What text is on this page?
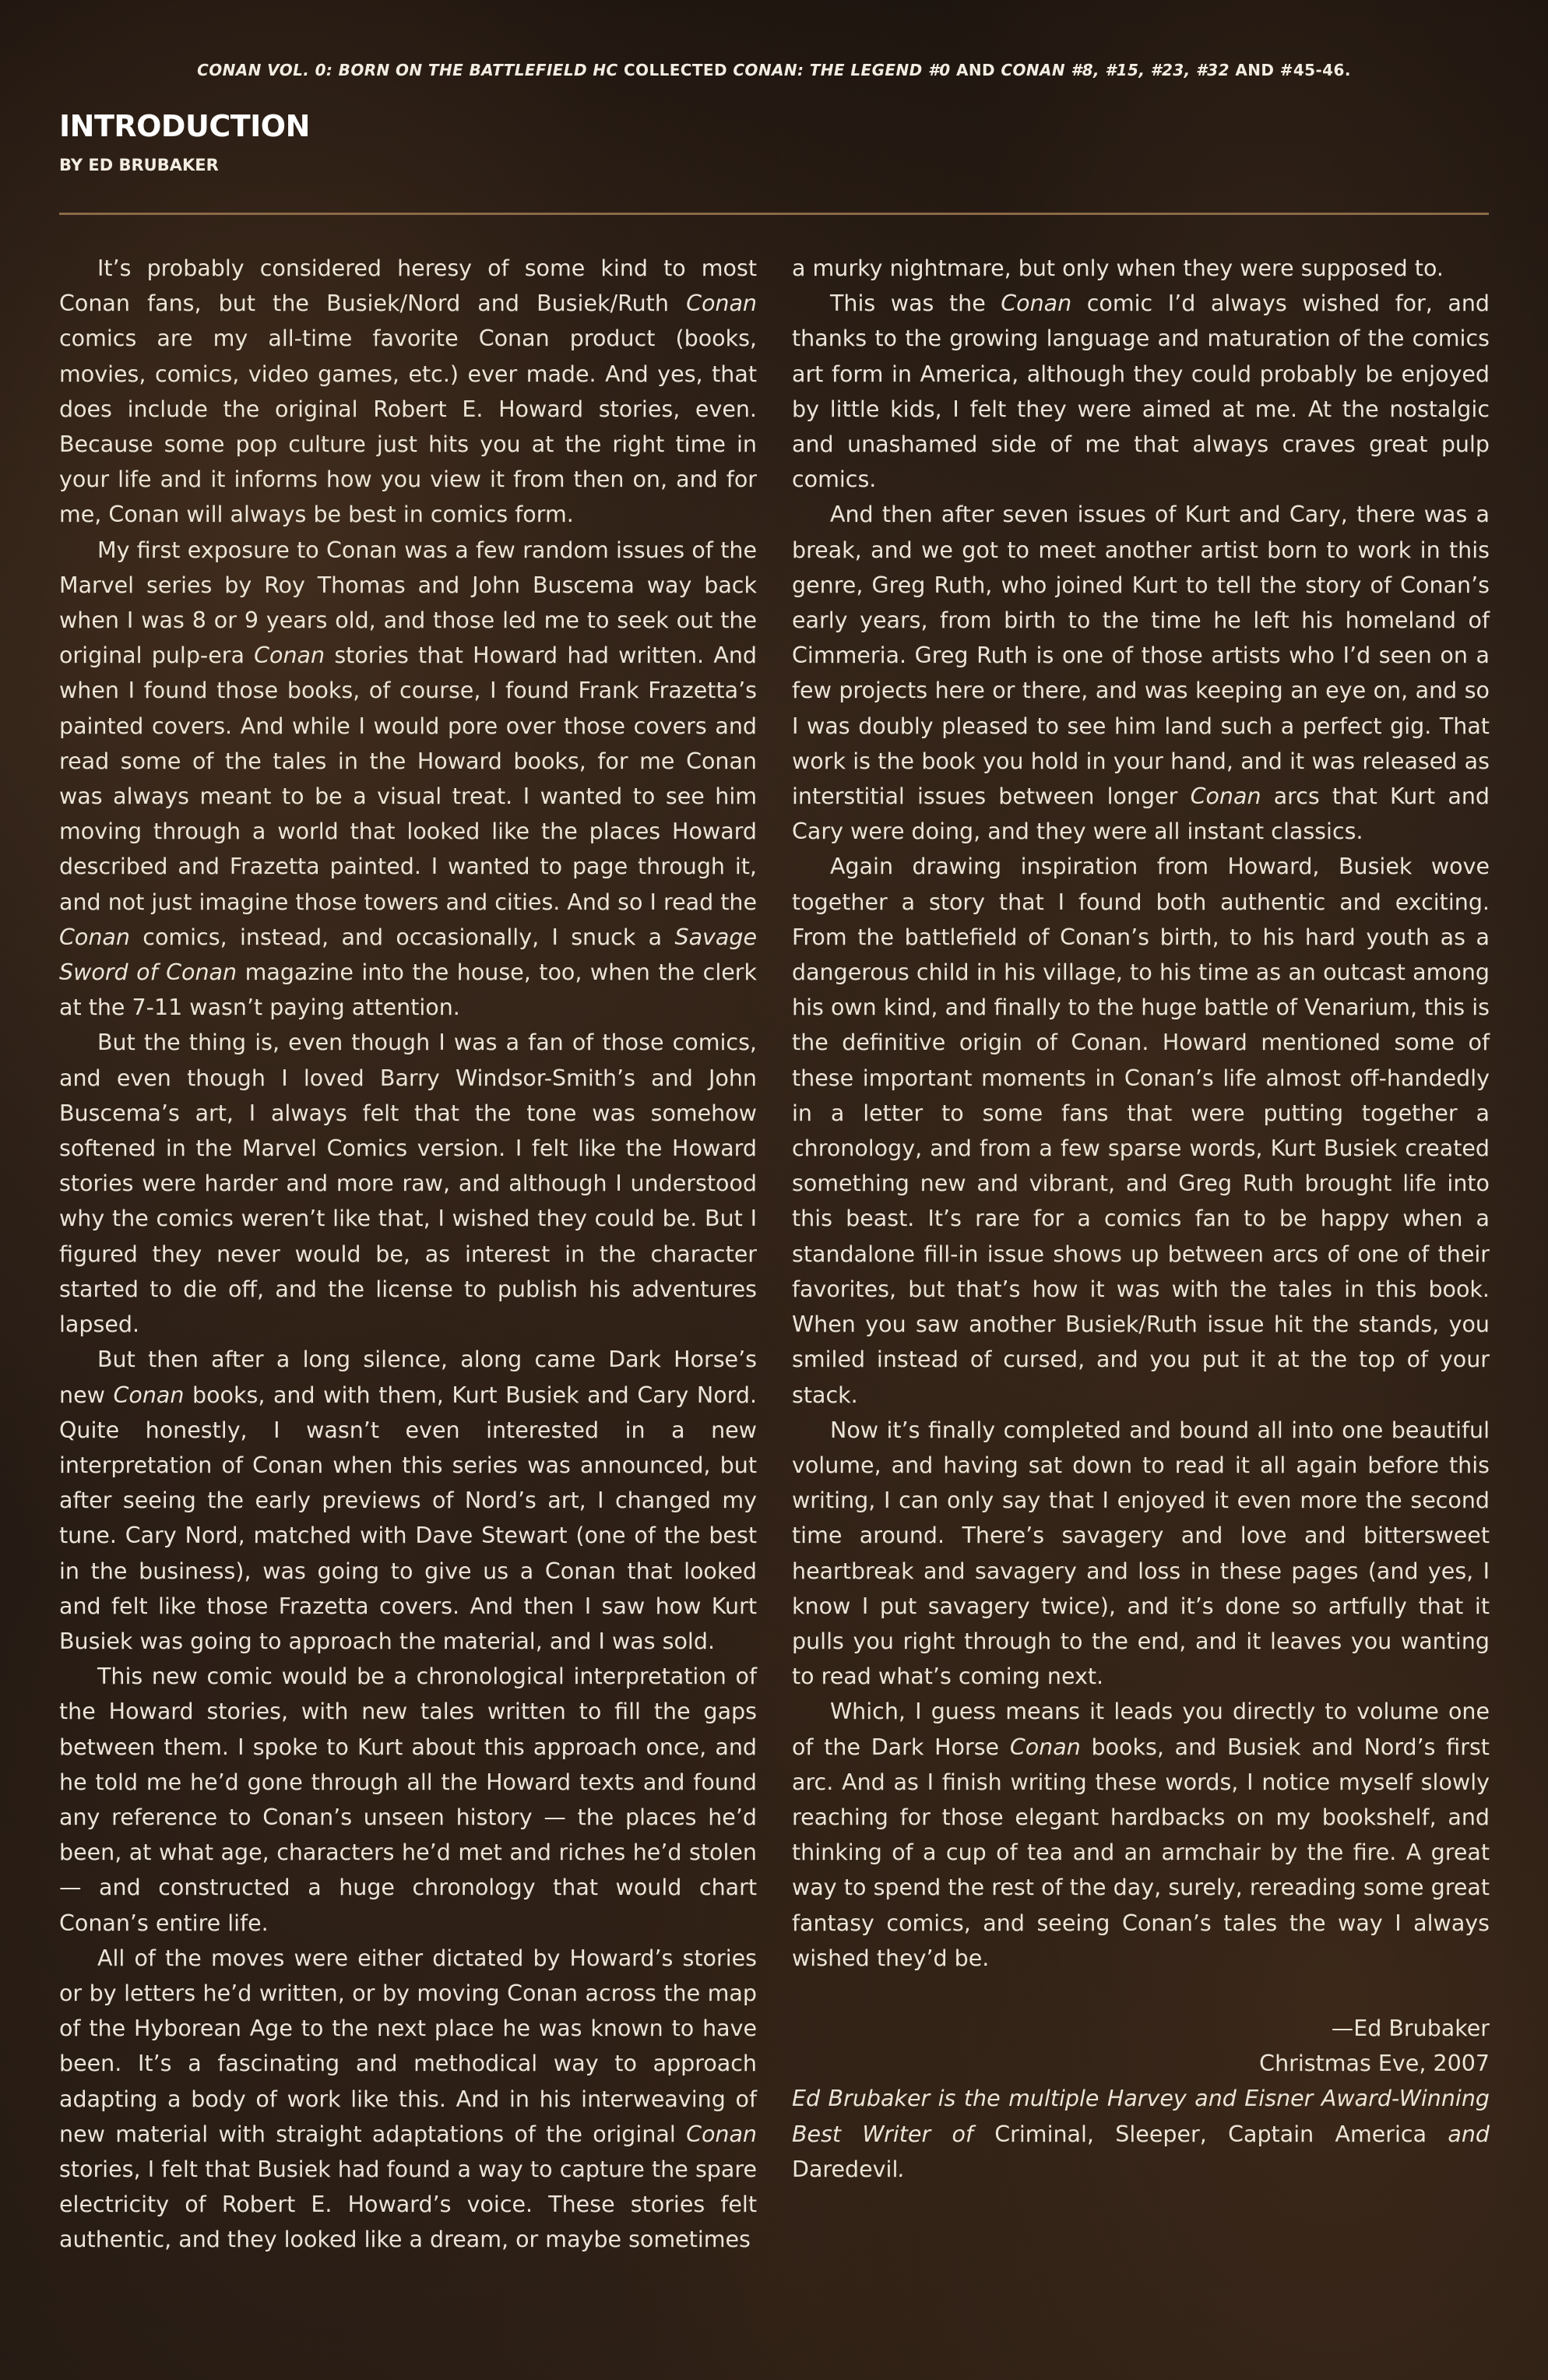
CONAN VOL. 0: BORN ON THE BATTLEFIELD HC COLLECTED CONAN: THE LEGEND #0 AND CONAN #8, #15, #23, #32 AND #45-46.
INTRODUCTION
BY ED BRUBAKER

It’s probably considered heresy of some kind to most Conan fans, but the Busiek/Nord and Busiek/Ruth Conan comics are my all-time favorite Conan product (books, movies, comics, video games, etc.) ever made. And yes, that does include the original Robert E. Howard stories, even. Because some pop culture just hits you at the right time in your life and it informs how you view it from then on, and for me, Conan will always be best in comics form.

My first exposure to Conan was a few random issues of the Marvel series by Roy Thomas and John Buscema way back when I was 8 or 9 years old, and those led me to seek out the original pulp-era Conan stories that Howard had written. And when I found those books, of course, I found Frank Frazetta’s painted covers. And while I would pore over those covers and read some of the tales in the Howard books, for me Conan was always meant to be a visual treat. I wanted to see him moving through a world that looked like the places Howard described and Frazetta painted. I wanted to page through it, and not just imagine those towers and cities. And so I read the Conan comics, instead, and occasionally, I snuck a Savage Sword of Conan magazine into the house, too, when the clerk at the 7-11 wasn’t paying attention.

But the thing is, even though I was a fan of those comics, and even though I loved Barry Windsor-Smith’s and John Buscema’s art, I always felt that the tone was somehow softened in the Marvel Comics version. I felt like the Howard stories were harder and more raw, and although I understood why the comics weren’t like that, I wished they could be. But I figured they never would be, as interest in the character started to die off, and the license to publish his adventures lapsed.

But then after a long silence, along came Dark Horse’s new Conan books, and with them, Kurt Busiek and Cary Nord. Quite honestly, I wasn’t even interested in a new interpretation of Conan when this series was announced, but after seeing the early previews of Nord’s art, I changed my tune. Cary Nord, matched with Dave Stewart (one of the best in the business), was going to give us a Conan that looked and felt like those Frazetta covers. And then I saw how Kurt Busiek was going to approach the material, and I was sold.

This new comic would be a chronological interpretation of the Howard stories, with new tales written to fill the gaps between them. I spoke to Kurt about this approach once, and he told me he’d gone through all the Howard texts and found any reference to Conan’s unseen history — the places he’d been, at what age, characters he’d met and riches he’d stolen — and constructed a huge chronology that would chart Conan’s entire life.

All of the moves were either dictated by Howard’s stories or by letters he’d written, or by moving Conan across the map of the Hyborean Age to the next place he was known to have been. It’s a fascinating and methodical way to approach adapting a body of work like this. And in his interweaving of new material with straight adaptations of the original Conan stories, I felt that Busiek had found a way to capture the spare electricity of Robert E. Howard’s voice. These stories felt authentic, and they looked like a dream, or maybe sometimes

a murky nightmare, but only when they were supposed to.

This was the Conan comic I’d always wished for, and thanks to the growing language and maturation of the comics art form in America, although they could probably be enjoyed by little kids, I felt they were aimed at me. At the nostalgic and unashamed side of me that always craves great pulp comics.

And then after seven issues of Kurt and Cary, there was a break, and we got to meet another artist born to work in this genre, Greg Ruth, who joined Kurt to tell the story of Conan’s early years, from birth to the time he left his homeland of Cimmeria. Greg Ruth is one of those artists who I’d seen on a few projects here or there, and was keeping an eye on, and so I was doubly pleased to see him land such a perfect gig. That work is the book you hold in your hand, and it was released as interstitial issues between longer Conan arcs that Kurt and Cary were doing, and they were all instant classics.

Again drawing inspiration from Howard, Busiek wove together a story that I found both authentic and exciting. From the battlefield of Conan’s birth, to his hard youth as a dangerous child in his village, to his time as an outcast among his own kind, and finally to the huge battle of Venarium, this is the definitive origin of Conan. Howard mentioned some of these important moments in Conan’s life almost off-handedly in a letter to some fans that were putting together a chronology, and from a few sparse words, Kurt Busiek created something new and vibrant, and Greg Ruth brought life into this beast. It’s rare for a comics fan to be happy when a standalone fill-in issue shows up between arcs of one of their favorites, but that’s how it was with the tales in this book. When you saw another Busiek/Ruth issue hit the stands, you smiled instead of cursed, and you put it at the top of your stack.

Now it’s finally completed and bound all into one beautiful volume, and having sat down to read it all again before this writing, I can only say that I enjoyed it even more the second time around. There’s savagery and love and bittersweet heartbreak and savagery and loss in these pages (and yes, I know I put savagery twice), and it’s done so artfully that it pulls you right through to the end, and it leaves you wanting to read what’s coming next.

Which, I guess means it leads you directly to volume one of the Dark Horse Conan books, and Busiek and Nord’s first arc. And as I finish writing these words, I notice myself slowly reaching for those elegant hardbacks on my bookshelf, and thinking of a cup of tea and an armchair by the fire. A great way to spend the rest of the day, surely, rereading some great fantasy comics, and seeing Conan’s tales the way I always wished they’d be.

—Ed Brubaker
Christmas Eve, 2007

Ed Brubaker is the multiple Harvey and Eisner Award-Winning Best Writer of Criminal, Sleeper, Captain America and Daredevil.
